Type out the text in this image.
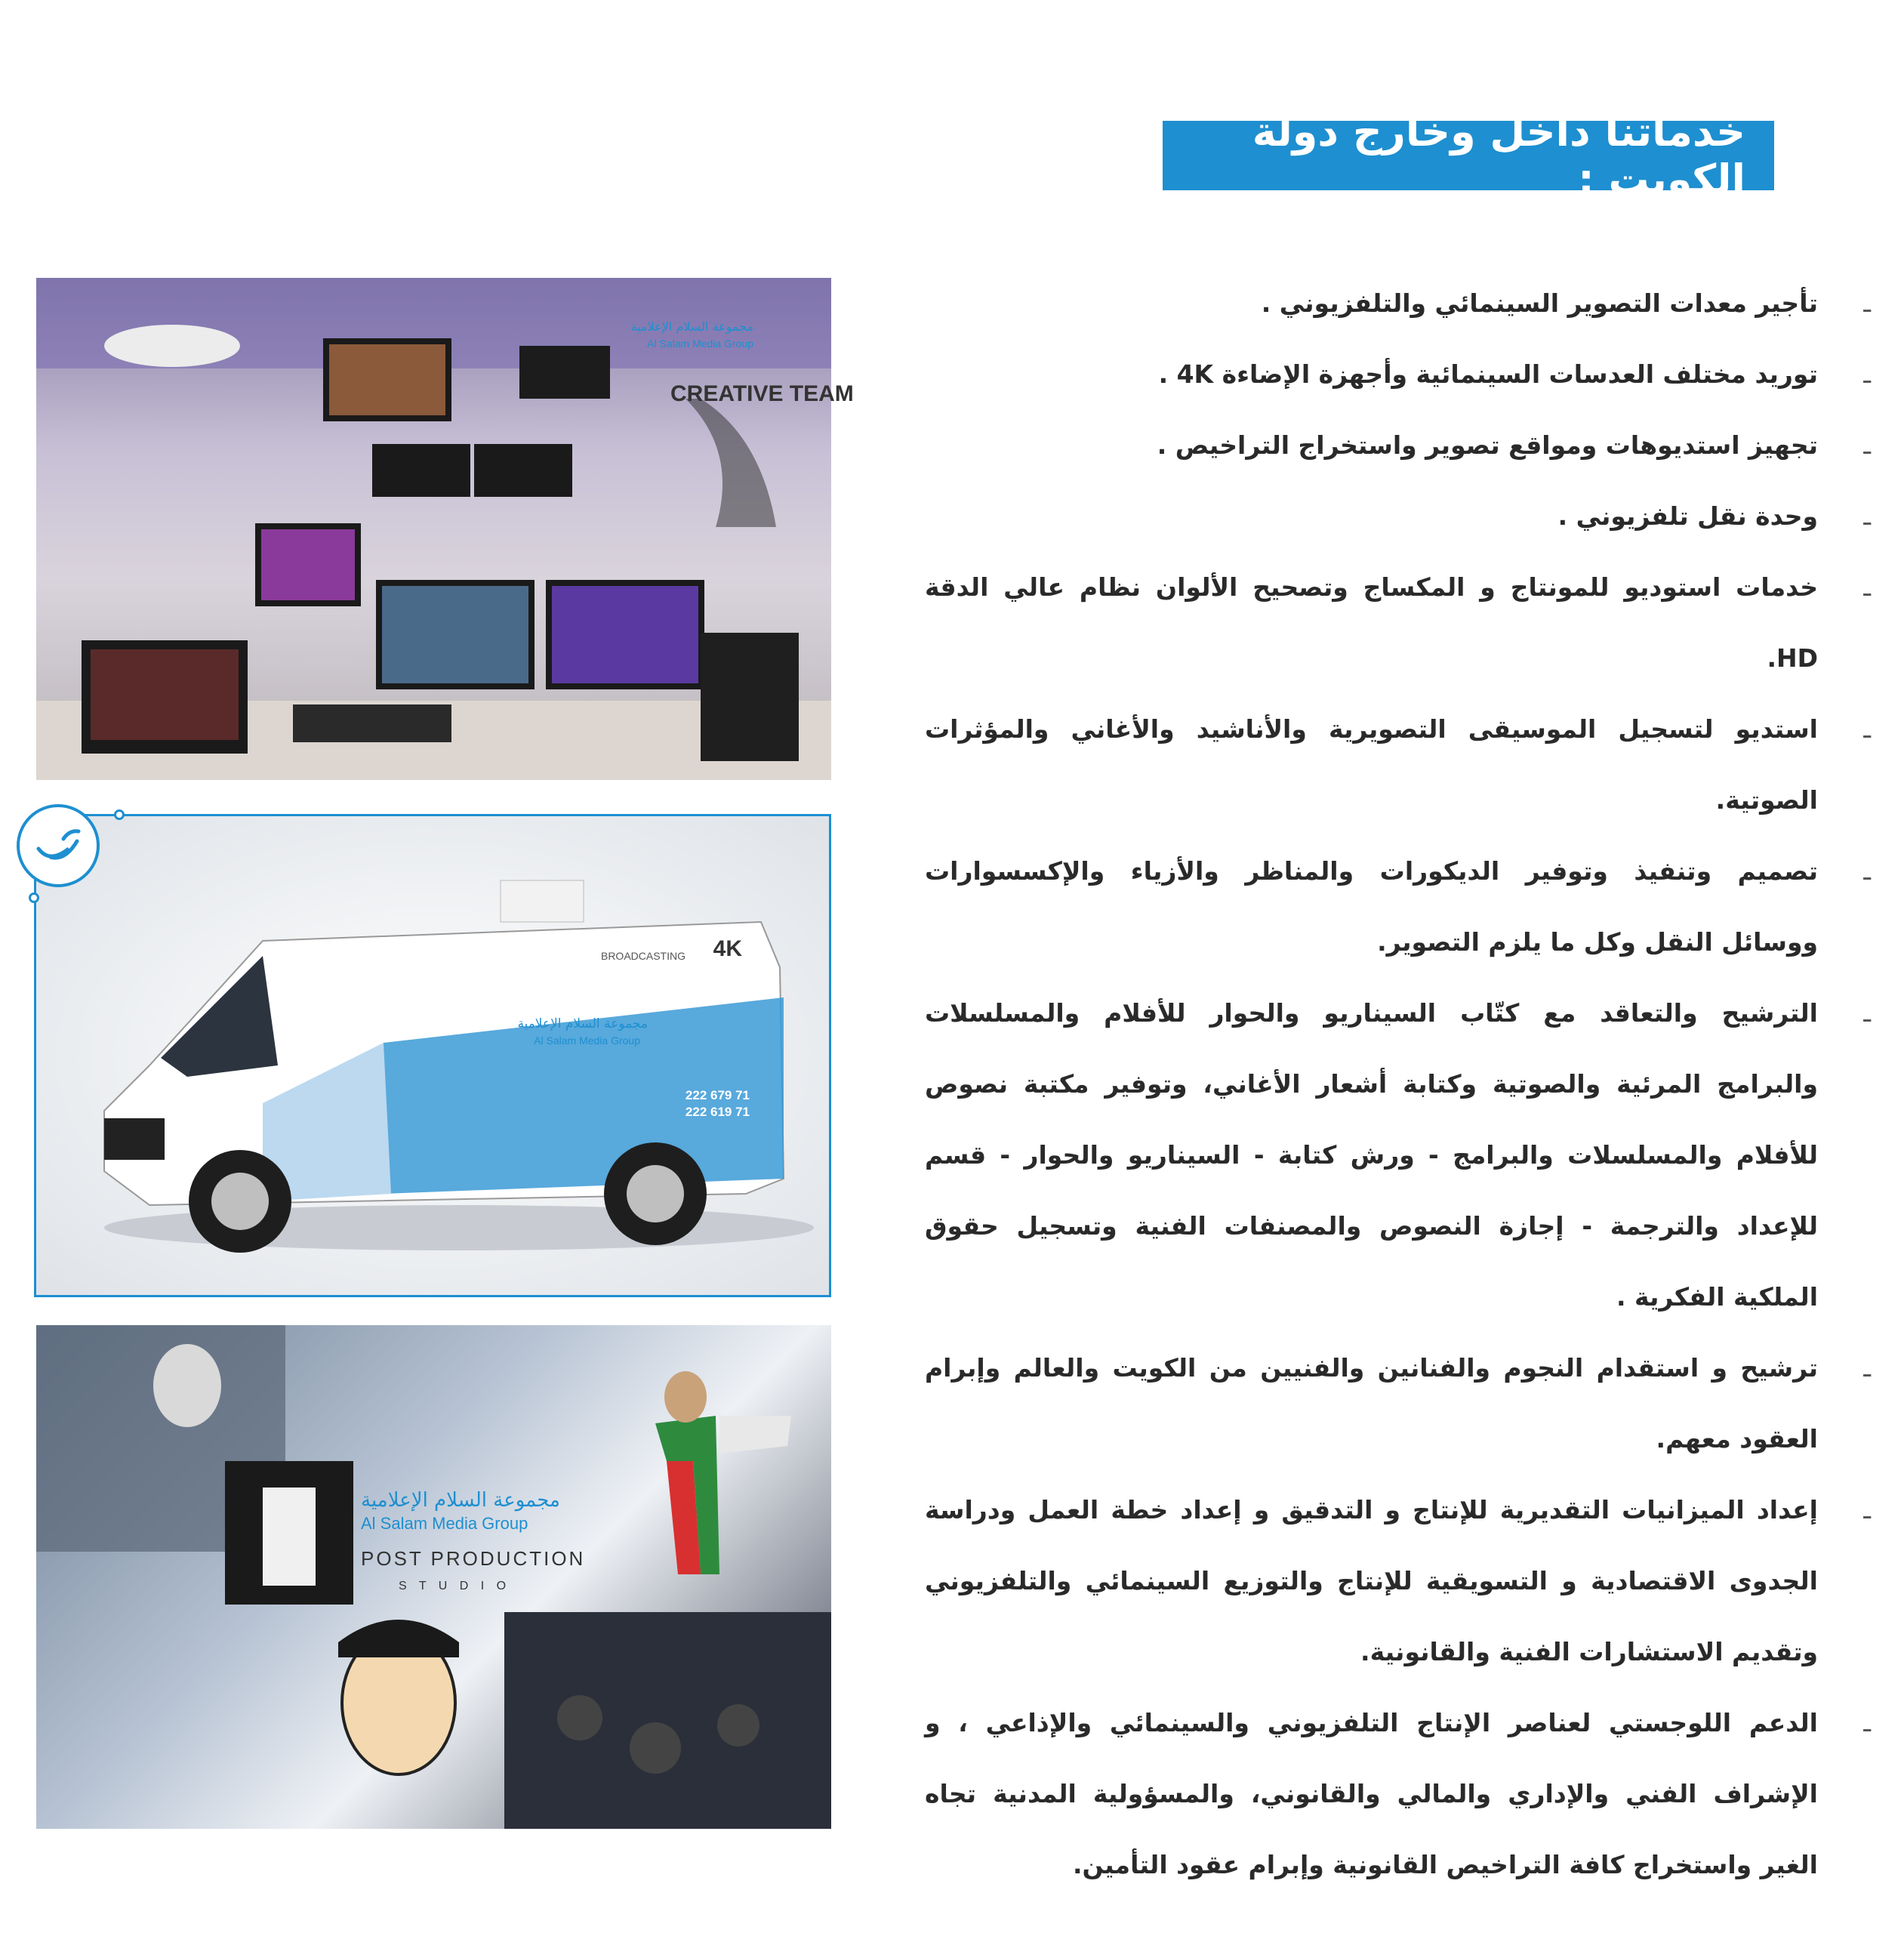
خدماتنا داخل وخارج دولة الكويت :
ـ
تأجير معدات التصوير السينمائي والتلفزيوني .
ـ
توريد مختلف العدسات السينمائية وأجهزة الإضاءة 4K .
ـ
تجهيز استديوهات ومواقع تصوير واستخراج التراخيص .
ـ
وحدة نقل تلفزيوني .
ـ
خدمات استوديو للمونتاج و المكساج وتصحيح الألوان نظام عالي الدقة HD.
ـ
استديو لتسجيل الموسيقى التصويرية والأناشيد والأغاني والمؤثرات الصوتية.
ـ
تصميم وتنفيذ وتوفير الديكورات والمناظر والأزياء والإكسسوارات ووسائل النقل وكل ما يلزم التصوير.
ـ
الترشيح والتعاقد مع كتّاب السيناريو والحوار للأفلام والمسلسلات والبرامج المرئية والصوتية وكتابة أشعار الأغاني، وتوفير مكتبة نصوص للأفلام والمسلسلات والبرامج - ورش كتابة - السيناريو والحوار - قسم للإعداد والترجمة - إجازة النصوص والمصنفات الفنية وتسجيل حقوق الملكية الفكرية .
ـ
ترشيح و استقدام النجوم والفنانين والفنيين من الكويت والعالم وإبرام العقود معهم.
ـ
إعداد الميزانيات التقديرية للإنتاج و التدقيق و إعداد خطة العمل ودراسة الجدوى الاقتصادية و التسويقية للإنتاج والتوزيع السينمائي والتلفزيوني وتقديم الاستشارات الفنية والقانونية.
ـ
الدعم اللوجستي لعناصر الإنتاج التلفزيوني والسينمائي والإذاعي ، و الإشراف الفني والإداري والمالي والقانوني، والمسؤولية المدنية تجاه الغير واستخراج كافة التراخيص القانونية وإبرام عقود التأمين.
CREATIVE TEAM
مجموعة السلام الإعلامية
Al Salam Media Group
4K
BROADCASTING
مجموعة السلام الإعلامية
Al Salam Media Group
222 679 71
222 619 71
مجموعة السلام الإعلامية
Al Salam Media Group
POST PRODUCTION
S T U D I O
